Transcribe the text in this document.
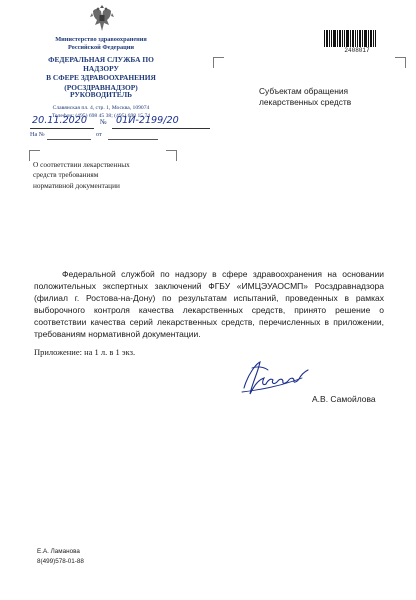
Министерство здравоохранения
Российской Федерации
ФЕДЕРАЛЬНАЯ СЛУЖБА ПО НАДЗОРУ
В СФЕРЕ ЗДРАВООХРАНЕНИЯ
(РОСЗДРАВНАДЗОР)
РУКОВОДИТЕЛЬ
Славянская пл. 4, стр. 1, Москва, 109074
Телефон: (495) 698 45 38; (495) 698 15 74
20.11.2020 № 01И-2199/20
На №	от
О соответствии лекарственных
средств требованиям
нормативной документации
2408017
Субъектам обращения
лекарственных средств
Федеральной службой по надзору в сфере здравоохранения на основании положительных экспертных заключений ФГБУ «ИМЦЭУАОСМП» Росздравнадзора (филиал г. Ростова-на-Дону) по результатам испытаний, проведенных в рамках выборочного контроля качества лекарственных средств, принято решение о соответствии качества серий лекарственных средств, перечисленных в приложении, требованиям нормативной документации.
Приложение: на 1 л. в 1 экз.
А.В. Самойлова
Е.А. Ламанова
8(499)578-01-88
